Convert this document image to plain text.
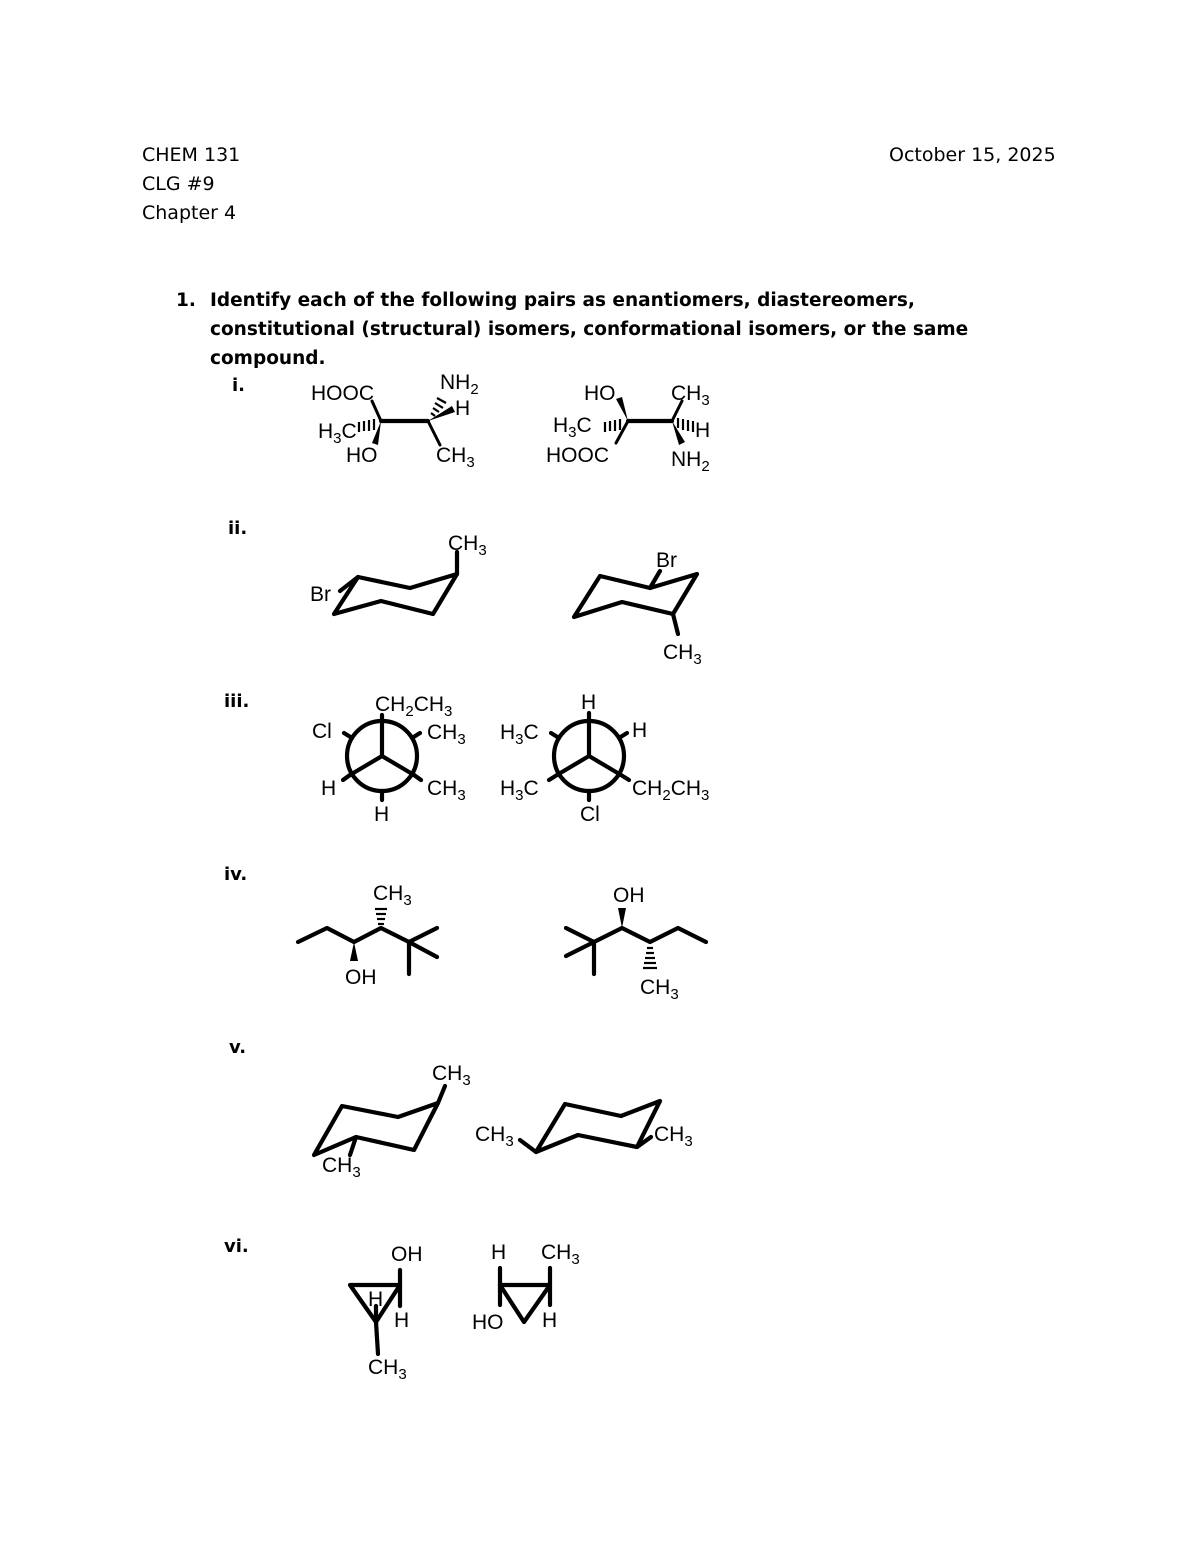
CHEM 131
CLG #9
Chapter 4
October 15, 2025
1. Identify each of the following pairs as enantiomers, diastereomers, constitutional (structural) isomers, conformational isomers, or the same compound.
i.
ii.
iii.
iv.
v.
vi.
HOOC	$NH_2$
H
$H_3C$
HO	$CH_3$
HO	$CH_3$
$H_3C$	H
HOOC	$NH_2$
Br
$CH_3$	Br
$CH_3$
$CH_2CH_3$
Cl	$CH_3$
H	$CH_3$
H
H
$H_3C$	H
$H_3C$	$CH_2CH_3$
Cl
$CH_3$
OH
OH
$CH_3$
$CH_3$
$CH_3$
$CH_3$	$CH_3$
OH
H
H
$CH_3$
H $CH_3$
HO H
